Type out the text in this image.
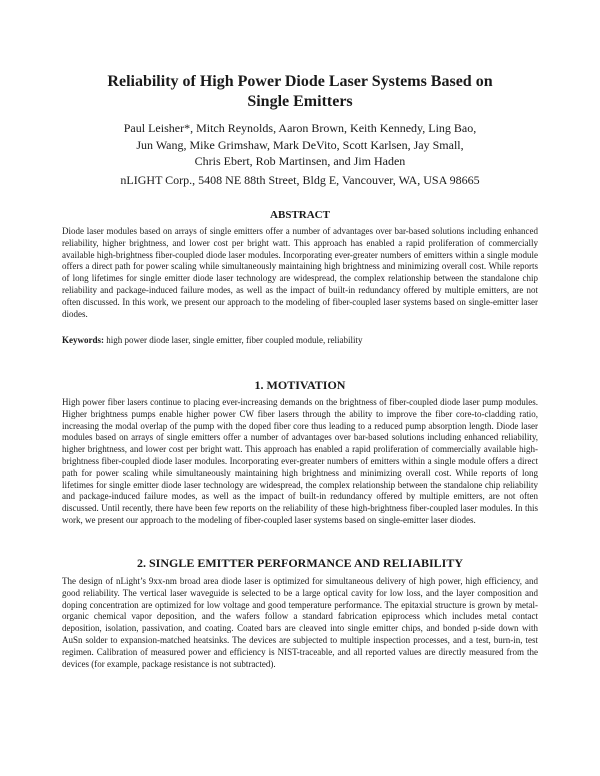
Reliability of High Power Diode Laser Systems Based on
Single Emitters
Paul Leisher*, Mitch Reynolds, Aaron Brown, Keith Kennedy, Ling Bao,
Jun Wang, Mike Grimshaw, Mark DeVito, Scott Karlsen, Jay Small,
Chris Ebert, Rob Martinsen, and Jim Haden
nLIGHT Corp., 5408 NE 88th Street, Bldg E, Vancouver, WA, USA 98665
ABSTRACT

Diode laser modules based on arrays of single emitters offer a number of advantages over bar-based solutions including enhanced reliability, higher brightness, and lower cost per bright watt. This approach has enabled a rapid proliferation of commercially available high-brightness fiber-coupled diode laser modules. Incorporating ever-greater numbers of emitters within a single module offers a direct path for power scaling while simultaneously maintaining high brightness and minimizing overall cost. While reports of long lifetimes for single emitter diode laser technology are widespread, the complex relationship between the standalone chip reliability and package-induced failure modes, as well as the impact of built-in redundancy offered by multiple emitters, are not often discussed. In this work, we present our approach to the modeling of fiber-coupled laser systems based on single-emitter laser diodes.

Keywords: high power diode laser, single emitter, fiber coupled module, reliability
1. MOTIVATION

High power fiber lasers continue to placing ever-increasing demands on the brightness of fiber-coupled diode laser pump modules. Higher brightness pumps enable higher power CW fiber lasers through the ability to improve the fiber core-to-cladding ratio, increasing the modal overlap of the pump with the doped fiber core thus leading to a reduced pump absorption length. Diode laser modules based on arrays of single emitters offer a number of advantages over bar-based solutions including enhanced reliability, higher brightness, and lower cost per bright watt. This approach has enabled a rapid proliferation of commercially available high-brightness fiber-coupled diode laser modules. Incorporating ever-greater numbers of emitters within a single module offers a direct path for power scaling while simultaneously maintaining high brightness and minimizing overall cost. While reports of long lifetimes for single emitter diode laser technology are widespread, the complex relationship between the standalone chip reliability and package-induced failure modes, as well as the impact of built-in redundancy offered by multiple emitters, are not often discussed. Until recently, there have been few reports on the reliability of these high-brightness fiber-coupled laser modules. In this work, we present our approach to the modeling of fiber-coupled laser systems based on single-emitter laser diodes.

2. SINGLE EMITTER PERFORMANCE AND RELIABILITY

The design of nLight’s 9xx-nm broad area diode laser is optimized for simultaneous delivery of high power, high efficiency, and good reliability. The vertical laser waveguide is selected to be a large optical cavity for low loss, and the layer composition and doping concentration are optimized for low voltage and good temperature performance. The epitaxial structure is grown by metal-organic chemical vapor deposition, and the wafers follow a standard fabrication epiprocess which includes metal contact deposition, isolation, passivation, and coating. Coated bars are cleaved into single emitter chips, and bonded p-side down with AuSn solder to expansion-matched heatsinks. The devices are subjected to multiple inspection processes, and a test, burn-in, test regimen. Calibration of measured power and efficiency is NIST-traceable, and all reported values are directly measured from the devices (for example, package resistance is not subtracted).
